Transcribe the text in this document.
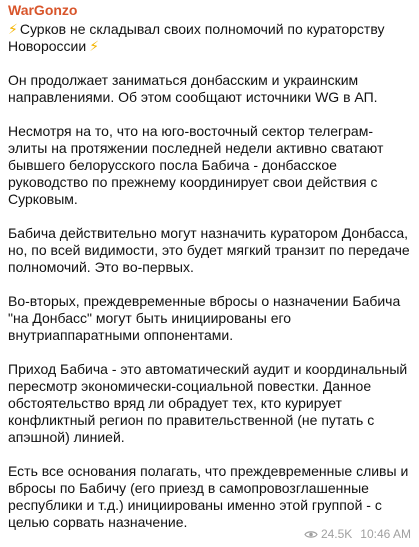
WarGonzo
⚡ Сурков не складывал своих полномочий по кураторству
Новороссии ⚡

Он продолжает заниматься донбасским и украинским направлениями. Об этом сообщают источники WG в АП.

Несмотря на то, что на юго-восточный сектор телеграм-элиты на протяжении последней недели активно сватают бывшего белорусского посла Бабича - донбасское руководство по прежнему координирует свои действия с Сурковым.

Бабича действительно могут назначить куратором Донбасса, но, по всей видимости, это будет мягкий транзит по передаче полномочий. Это во-первых.

Во-вторых, преждевременные вбросы о назначении Бабича "на Донбасс" могут быть инициированы его внутриаппаратными оппонентами.

Приход Бабича - это автоматический аудит и координальный пересмотр экономически-социальной повестки. Данное обстоятельство вряд ли обрадует тех, кто курирует конфликтный регион по правительственной (не путать с апэшной) линией.

Есть все основания полагать, что преждевременные сливы и вбросы по Бабичу (его приезд в самопровозглашенные республики и т.д.) инициированы именно этой группой - с целью сорвать назначение.

24.5K 10:46 AM
